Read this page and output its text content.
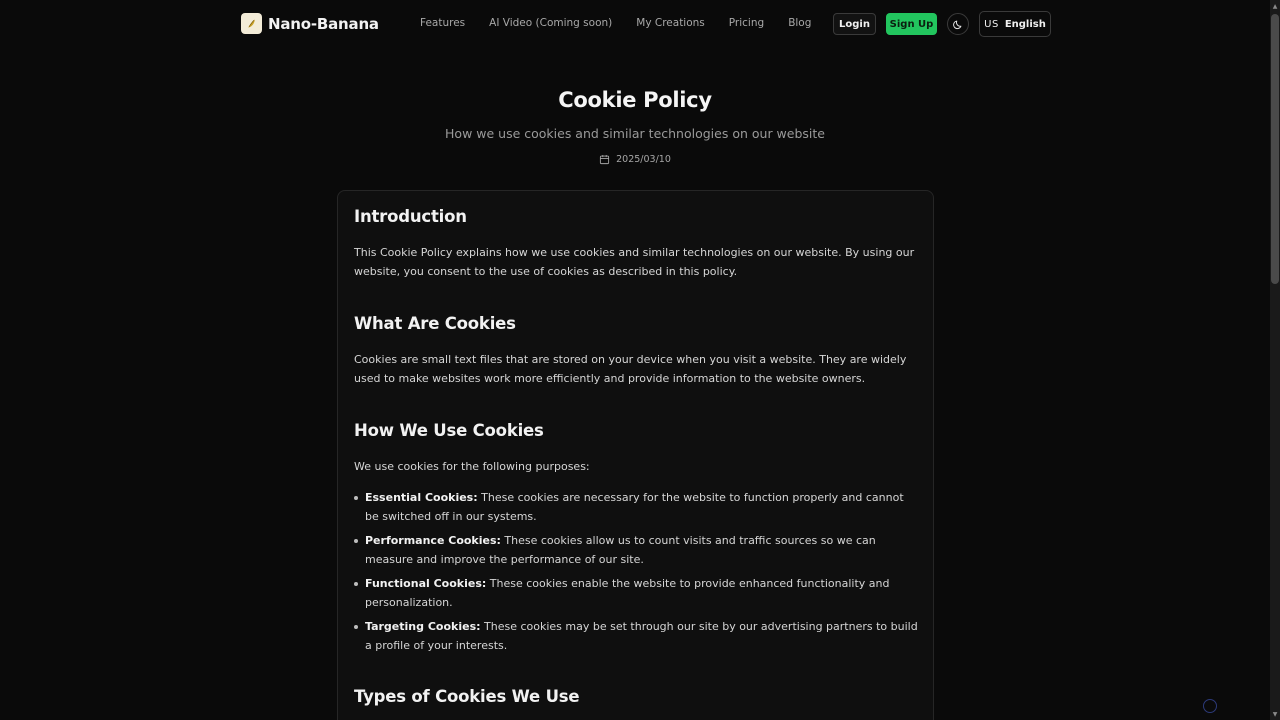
Nano-Banana	Features AI Video (Coming soon) My Creations Pricing Blog	Login	Sign Up	US English
Cookie Policy
How we use cookies and similar technologies on our website
2025/03/10
Introduction

This Cookie Policy explains how we use cookies and similar technologies on our website. By using our website, you consent to the use of cookies as described in this policy.

What Are Cookies

Cookies are small text files that are stored on your device when you visit a website. They are widely used to make websites work more efficiently and provide information to the website owners.

How We Use Cookies

We use cookies for the following purposes:

Essential Cookies: These cookies are necessary for the website to function properly and cannot be switched off in our systems.
Performance Cookies: These cookies allow us to count visits and traffic sources so we can measure and improve the performance of our site.
Functional Cookies: These cookies enable the website to provide enhanced functionality and personalization.
Targeting Cookies: These cookies may be set through our site by our advertising partners to build a profile of your interests.
Types of Cookies We Use
▲
▼
